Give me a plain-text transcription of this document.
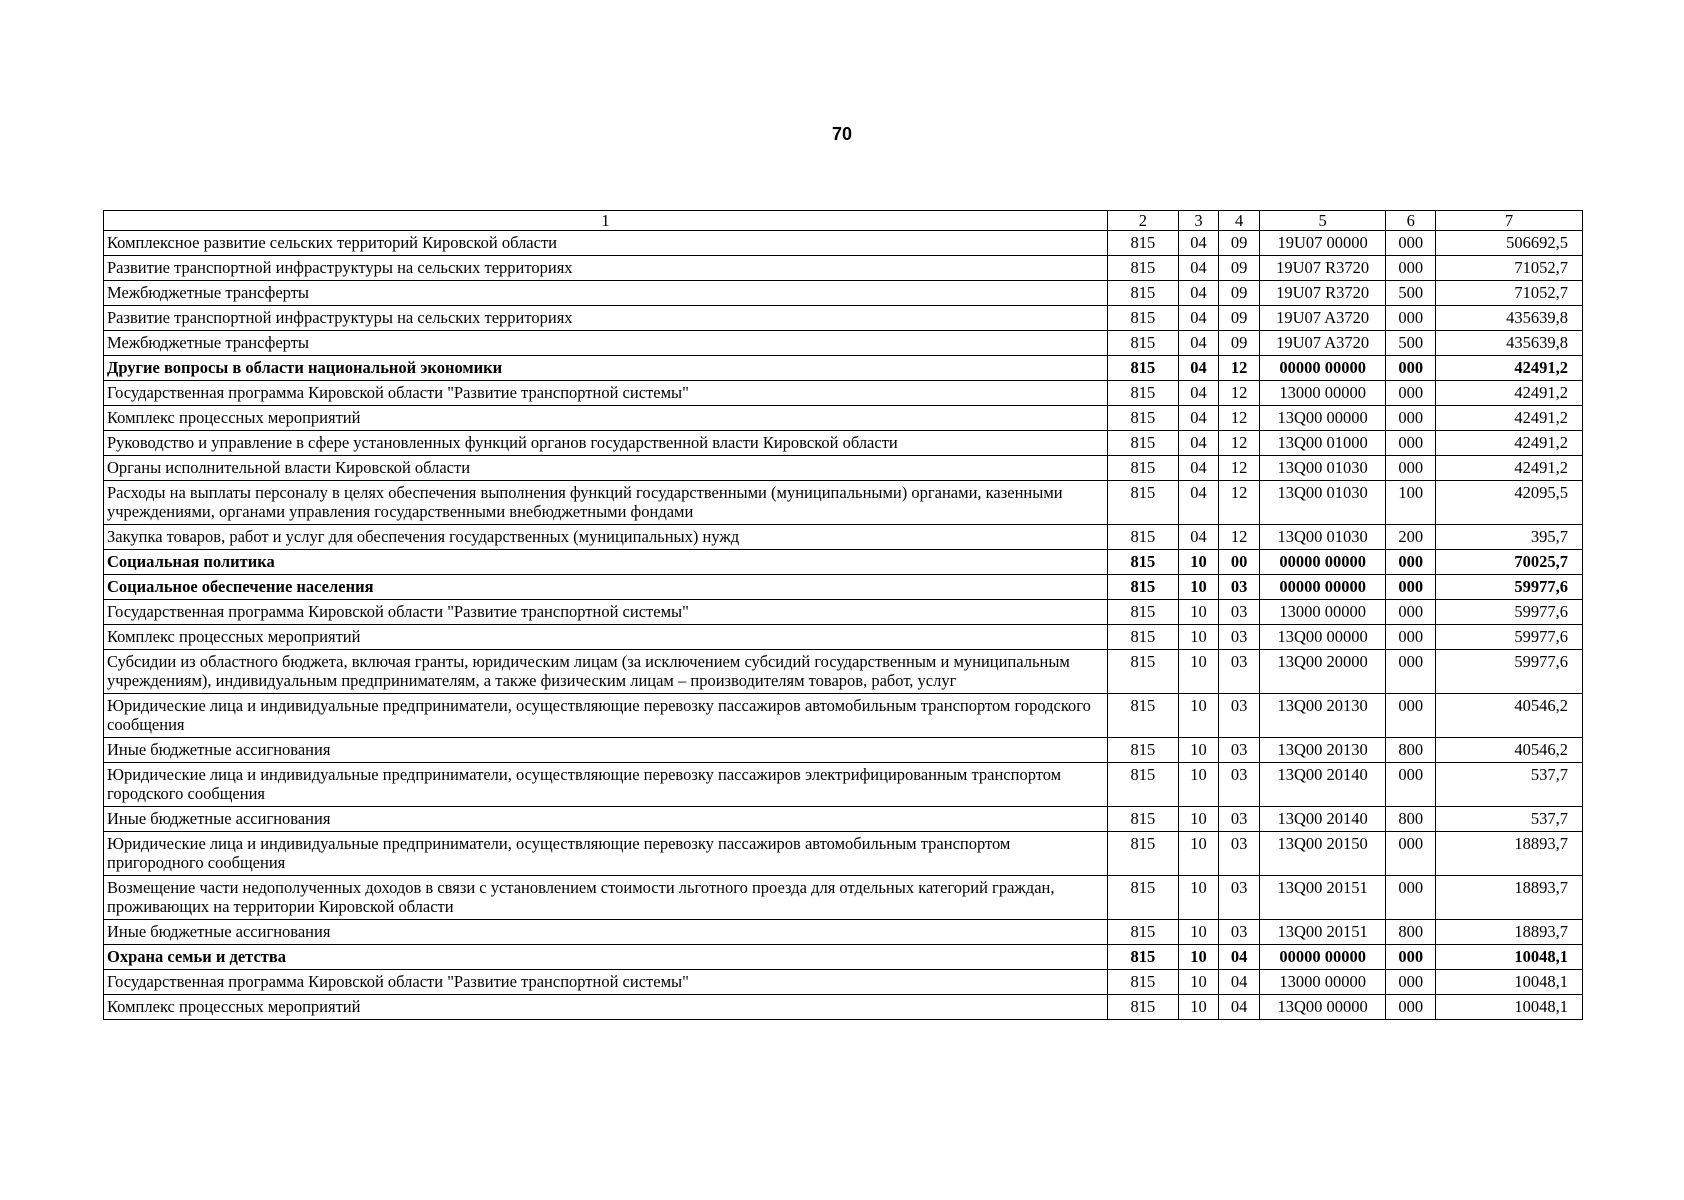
70
1	2	3	4	5	6	7
Комплексное развитие сельских территорий Кировской области	815	04	09	19U07 00000	000	506692,5
Развитие транспортной инфраструктуры на сельских территориях	815	04	09	19U07 R3720	000	71052,7
Межбюджетные трансферты	815	04	09	19U07 R3720	500	71052,7
Развитие транспортной инфраструктуры на сельских территориях	815	04	09	19U07 A3720	000	435639,8
Межбюджетные трансферты	815	04	09	19U07 A3720	500	435639,8
Другие вопросы в области национальной экономики	815	04	12	00000 00000	000	42491,2
Государственная программа Кировской области "Развитие транспортной системы"	815	04	12	13000 00000	000	42491,2
Комплекс процессных мероприятий	815	04	12	13Q00 00000	000	42491,2
Руководство и управление в сфере установленных функций органов государственной власти Кировской области	815	04	12	13Q00 01000	000	42491,2
Органы исполнительной власти Кировской области	815	04	12	13Q00 01030	000	42491,2
Расходы на выплаты персоналу в целях обеспечения выполнения функций государственными (муниципальными) органами, казенными учреждениями, органами управления государственными внебюджетными фондами	815	04	12	13Q00 01030	100	42095,5
Закупка товаров, работ и услуг для обеспечения государственных (муниципальных) нужд	815	04	12	13Q00 01030	200	395,7
Социальная политика	815	10	00	00000 00000	000	70025,7
Социальное обеспечение населения	815	10	03	00000 00000	000	59977,6
Государственная программа Кировской области "Развитие транспортной системы"	815	10	03	13000 00000	000	59977,6
Комплекс процессных мероприятий	815	10	03	13Q00 00000	000	59977,6
Субсидии из областного бюджета, включая гранты, юридическим лицам (за исключением субсидий государственным и муниципальным учреждениям), индивидуальным предпринимателям, а также физическим лицам – производителям товаров, работ, услуг	815	10	03	13Q00 20000	000	59977,6
Юридические лица и индивидуальные предприниматели, осуществляющие перевозку пассажиров автомобильным транспортом городского сообщения	815	10	03	13Q00 20130	000	40546,2
Иные бюджетные ассигнования	815	10	03	13Q00 20130	800	40546,2
Юридические лица и индивидуальные предприниматели, осуществляющие перевозку пассажиров электрифицированным транспортом городского сообщения	815	10	03	13Q00 20140	000	537,7
Иные бюджетные ассигнования	815	10	03	13Q00 20140	800	537,7
Юридические лица и индивидуальные предприниматели, осуществляющие перевозку пассажиров автомобильным транспортом пригородного сообщения	815	10	03	13Q00 20150	000	18893,7
Возмещение части недополученных доходов в связи с установлением стоимости льготного проезда для отдельных категорий граждан, проживающих на территории Кировской области	815	10	03	13Q00 20151	000	18893,7
Иные бюджетные ассигнования	815	10	03	13Q00 20151	800	18893,7
Охрана семьи и детства	815	10	04	00000 00000	000	10048,1
Государственная программа Кировской области "Развитие транспортной системы"	815	10	04	13000 00000	000	10048,1
Комплекс процессных мероприятий	815	10	04	13Q00 00000	000	10048,1
